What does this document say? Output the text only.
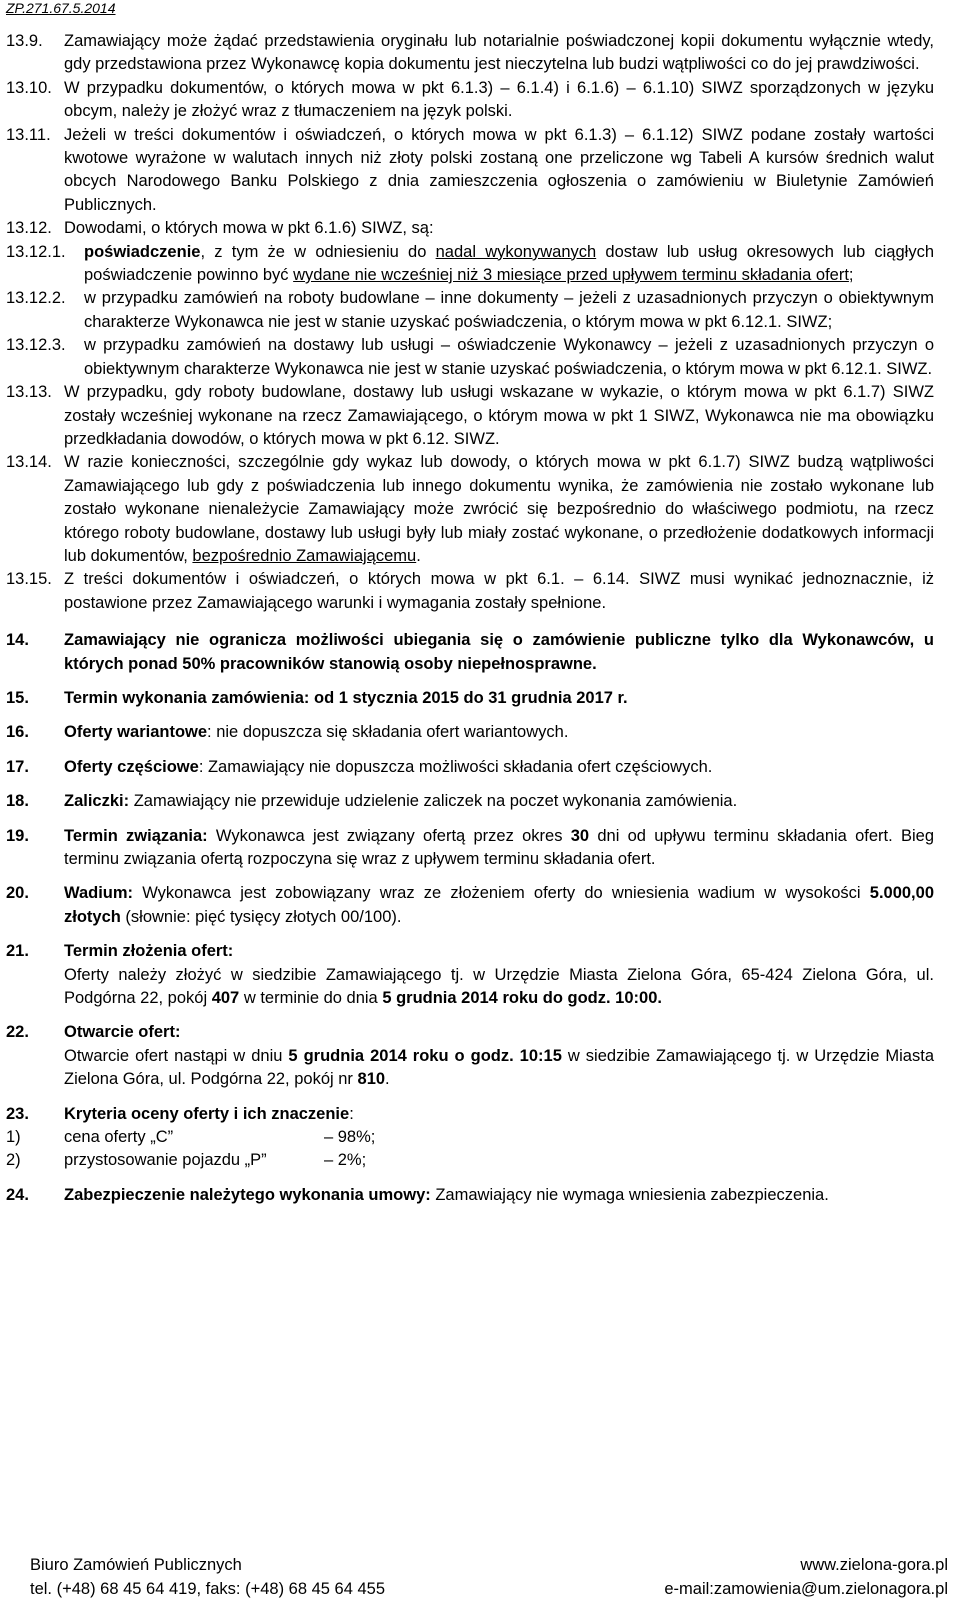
ZP.271.67.5.2014
13.9.	Zamawiający może żądać przedstawienia oryginału lub notarialnie poświadczonej kopii dokumentu wyłącznie wtedy, gdy przedstawiona przez Wykonawcę kopia dokumentu jest nieczytelna lub budzi wątpliwości co do jej prawdziwości.
13.10. W przypadku dokumentów, o których mowa w pkt 6.1.3) – 6.1.4) i 6.1.6) – 6.1.10) SIWZ sporządzonych w języku obcym, należy je złożyć wraz z tłumaczeniem na język polski.
13.11. Jeżeli w treści dokumentów i oświadczeń, o których mowa w pkt 6.1.3) – 6.1.12) SIWZ podane zostały wartości kwotowe wyrażone w walutach innych niż złoty polski zostaną one przeliczone wg Tabeli A kursów średnich walut obcych Narodowego Banku Polskiego z dnia zamieszczenia ogłoszenia o zamówieniu w Biuletynie Zamówień Publicznych.
13.12. Dowodami, o których mowa w pkt 6.1.6) SIWZ, są:
13.12.1.	poświadczenie, z tym że w odniesieniu do nadal wykonywanych dostaw lub usług okresowych lub ciągłych poświadczenie powinno być wydane nie wcześniej niż 3 miesiące przed upływem terminu składania ofert;
13.12.2.	w przypadku zamówień na roboty budowlane – inne dokumenty – jeżeli z uzasadnionych przyczyn o obiektywnym charakterze Wykonawca nie jest w stanie uzyskać poświadczenia, o którym mowa w pkt 6.12.1. SIWZ;
13.12.3.	w przypadku zamówień na dostawy lub usługi – oświadczenie Wykonawcy – jeżeli z uzasadnionych przyczyn o obiektywnym charakterze Wykonawca nie jest w stanie uzyskać poświadczenia, o którym mowa w pkt 6.12.1. SIWZ.
13.13. W przypadku, gdy roboty budowlane, dostawy lub usługi wskazane w wykazie, o którym mowa w pkt 6.1.7) SIWZ zostały wcześniej wykonane na rzecz Zamawiającego, o którym mowa w pkt 1 SIWZ, Wykonawca nie ma obowiązku przedkładania dowodów, o których mowa w pkt 6.12. SIWZ.
13.14. W razie konieczności, szczególnie gdy wykaz lub dowody, o których mowa w pkt 6.1.7) SIWZ budzą wątpliwości Zamawiającego lub gdy z poświadczenia lub innego dokumentu wynika, że zamówienia nie zostało wykonane lub zostało wykonane nienależycie Zamawiający może zwrócić się bezpośrednio do właściwego podmiotu, na rzecz którego roboty budowlane, dostawy lub usługi były lub miały zostać wykonane, o przedłożenie dodatkowych informacji lub dokumentów, bezpośrednio Zamawiającemu.
13.15. Z treści dokumentów i oświadczeń, o których mowa w pkt 6.1. – 6.14. SIWZ musi wynikać jednoznacznie, iż postawione przez Zamawiającego warunki i wymagania zostały spełnione.
14.	Zamawiający nie ogranicza możliwości ubiegania się o zamówienie publiczne tylko dla Wykonawców, u których ponad 50% pracowników stanowią osoby niepełnosprawne.
15.	Termin wykonania zamówienia: od 1 stycznia 2015 do 31 grudnia 2017 r.
16.	Oferty wariantowe: nie dopuszcza się składania ofert wariantowych.
17.	Oferty częściowe: Zamawiający nie dopuszcza możliwości składania ofert częściowych.
18.	Zaliczki: Zamawiający nie przewiduje udzielenie zaliczek na poczet wykonania zamówienia.
19.	Termin związania: Wykonawca jest związany ofertą przez okres 30 dni od upływu terminu składania ofert. Bieg terminu związania ofertą rozpoczyna się wraz z upływem terminu składania ofert.
20.	Wadium: Wykonawca jest zobowiązany wraz ze złożeniem oferty do wniesienia wadium w wysokości 5.000,00 złotych (słownie: pięć tysięcy złotych 00/100).
21.	Termin złożenia ofert:
Oferty należy złożyć w siedzibie Zamawiającego tj. w Urzędzie Miasta Zielona Góra, 65-424 Zielona Góra, ul. Podgórna 22, pokój 407 w terminie do dnia 5 grudnia 2014 roku do godz. 10:00.
22.	Otwarcie ofert:
Otwarcie ofert nastąpi w dniu 5 grudnia 2014 roku o godz. 10:15 w siedzibie Zamawiającego tj. w Urzędzie Miasta Zielona Góra, ul. Podgórna 22, pokój nr 810.
23.	Kryteria oceny oferty i ich znaczenie:
1)	cena oferty „C”	– 98%;
2)	przystosowanie pojazdu „P”	– 2%;
24.	Zabezpieczenie należytego wykonania umowy: Zamawiający nie wymaga wniesienia zabezpieczenia.
Biuro Zamówień Publicznych	www.zielona-gora.pl
tel. (+48) 68 45 64 419, faks: (+48) 68 45 64 455	e-mail:zamowienia@um.zielonagora.pl
